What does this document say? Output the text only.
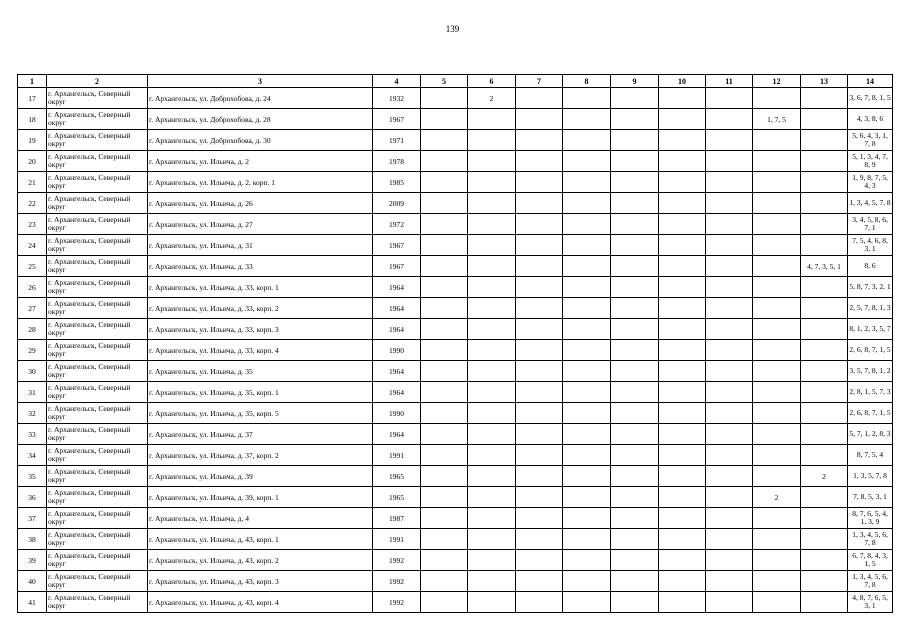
139
1	2	3	4	5	6	7	8	9	10	11	12	13	14
17	г. Архангельск, Северный округ	г. Архангельск, ул. Доброхобова, д. 24	1932		2								3, 6, 7, 8, 1, 5
18	г. Архангельск, Северный округ	г. Архангельск, ул. Доброхобова, д. 28	1967								1, 7, 5		4, 3, 8, 6
19	г. Архангельск, Северный округ	г. Архангельск, ул. Доброхобова, д. 30	1971										5, 6, 4, 3, 1, 7, 8
20	г. Архангельск, Северный округ	г. Архангельск, ул. Ильича, д. 2	1978										5, 1, 3, 4, 7, 8, 9
21	г. Архангельск, Северный округ	г. Архангельск, ул. Ильича, д. 2, корп. 1	1985										1, 9, 8, 7, 5, 4, 3
22	г. Архангельск, Северный округ	г. Архангельск, ул. Ильича, д. 26	2009										1, 3, 4, 5, 7, 8
23	г. Архангельск, Северный округ	г. Архангельск, ул. Ильича, д. 27	1972										3, 4, 5, 8, 6, 7, 1
24	г. Архангельск, Северный округ	г. Архангельск, ул. Ильича, д. 31	1967										7, 5, 4, 6, 8, 3, 1
25	г. Архангельск, Северный округ	г. Архангельск, ул. Ильича, д. 33	1967									4, 7, 3, 5, 1	8, 6
26	г. Архангельск, Северный округ	г. Архангельск, ул. Ильича, д. 33, корп. 1	1964										5, 8, 7, 3, 2, 1
27	г. Архангельск, Северный округ	г. Архангельск, ул. Ильича, д. 33, корп. 2	1964										2, 5, 7, 8, 1, 3
28	г. Архангельск, Северный округ	г. Архангельск, ул. Ильича, д. 33, корп. 3	1964										8, 1, 2, 3, 5, 7
29	г. Архангельск, Северный округ	г. Архангельск, ул. Ильича, д. 33, корп. 4	1990										2, 6, 8, 7, 1, 5
30	г. Архангельск, Северный округ	г. Архангельск, ул. Ильича, д. 35	1964										3, 5, 7, 8, 1, 2
31	г. Архангельск, Северный округ	г. Архангельск, ул. Ильича, д. 35, корп. 1	1964										2, 8, 1, 5, 7, 3
32	г. Архангельск, Северный округ	г. Архангельск, ул. Ильича, д. 35, корп. 5	1990										2, 6, 8, 7, 1, 5
33	г. Архангельск, Северный округ	г. Архангельск, ул. Ильича, д. 37	1964										5, 7, 1, 2, 8, 3
34	г. Архангельск, Северный округ	г. Архангельск, ул. Ильича, д. 37, корп. 2	1991										8, 7, 5, 4
35	г. Архангельск, Северный округ	г. Архангельск, ул. Ильича, д. 39	1965									2	1, 3, 5, 7, 8
36	г. Архангельск, Северный округ	г. Архангельск, ул. Ильича, д. 39, корп. 1	1965								2		7, 8, 5, 3, 1
37	г. Архангельск, Северный округ	г. Архангельск, ул. Ильича, д. 4	1987										8, 7, 6, 5, 4, 1, 3, 9
38	г. Архангельск, Северный округ	г. Архангельск, ул. Ильича, д. 43, корп. 1	1991										1, 3, 4, 5, 6, 7, 8
39	г. Архангельск, Северный округ	г. Архангельск, ул. Ильича, д. 43, корп. 2	1992										6, 7, 8, 4, 3, 1, 5
40	г. Архангельск, Северный округ	г. Архангельск, ул. Ильича, д. 43, корп. 3	1992										1, 3, 4, 5, 6, 7, 8
41	г. Архангельск, Северный округ	г. Архангельск, ул. Ильича, д. 43, корп. 4	1992										4, 8, 7, 6, 5, 3, 1
